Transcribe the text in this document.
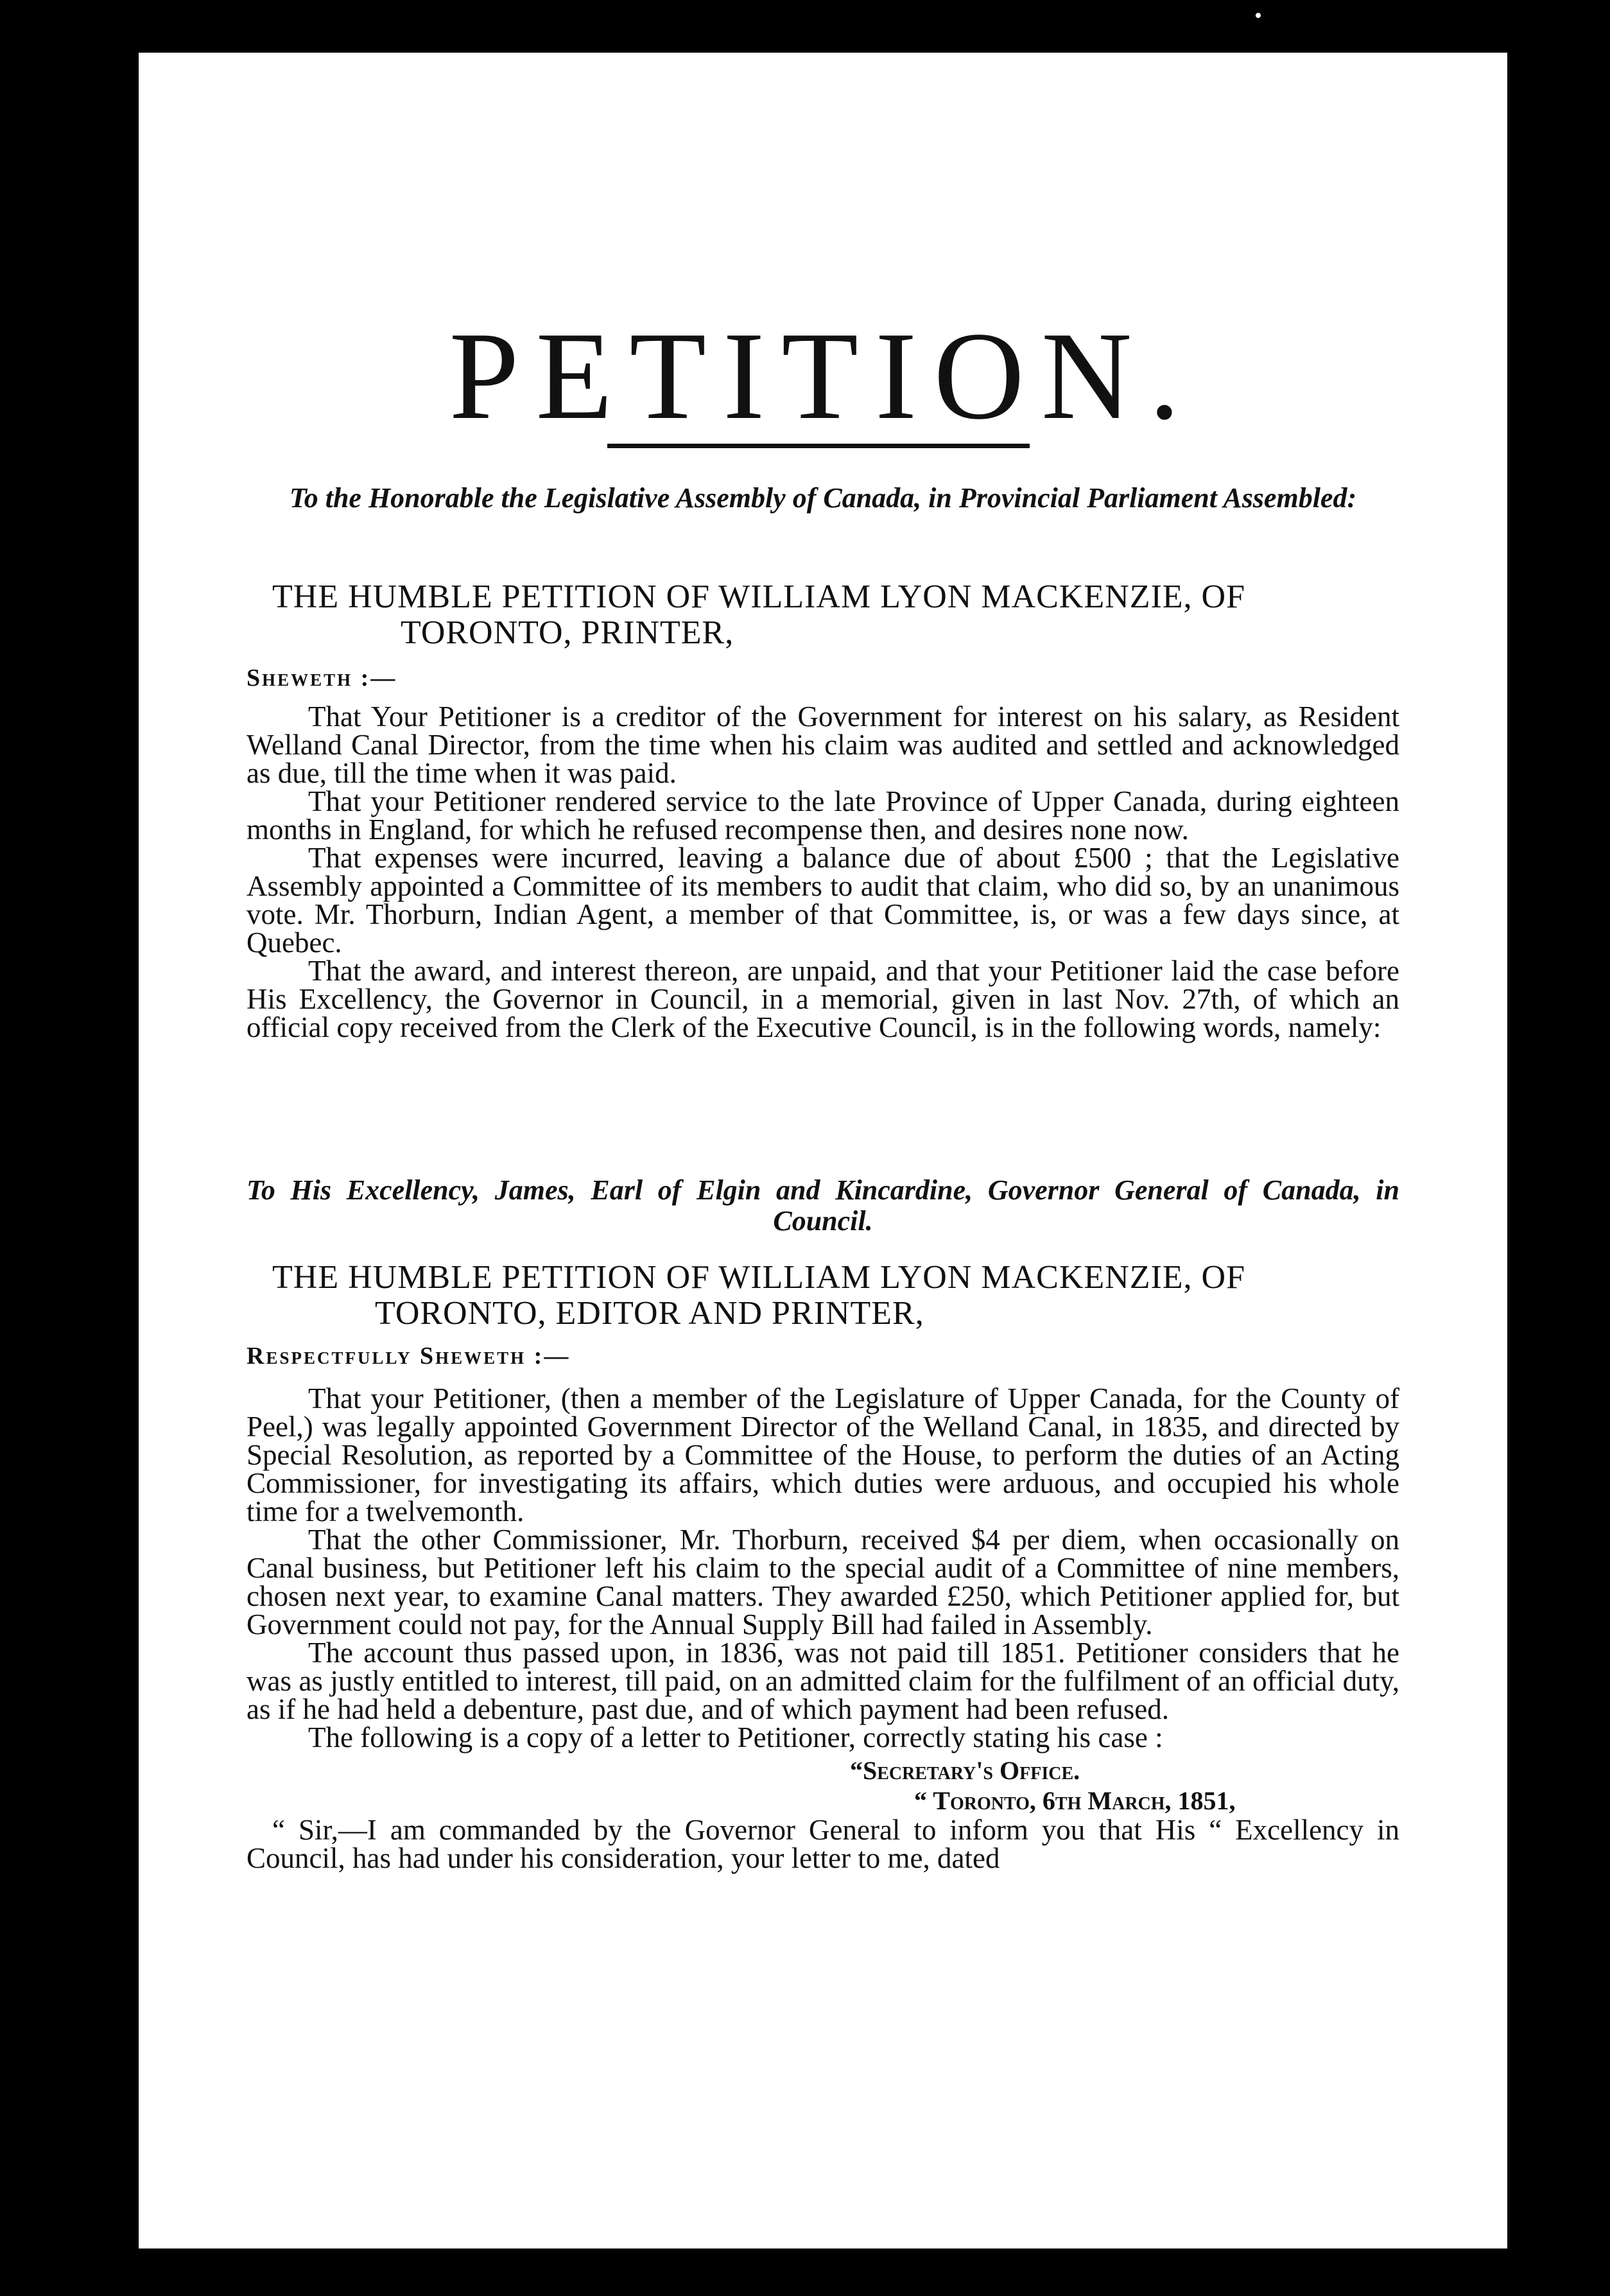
PETITION.

To the Honorable the Legislative Assembly of Canada, in Provincial Parliament Assembled:

THE HUMBLE PETITION OF WILLIAM LYON MACKENZIE, OF
TORONTO, PRINTER,

Sheweth :—

That Your Petitioner is a creditor of the Government for interest on his salary, as Resident Welland Canal Director, from the time when his claim was audited and settled and acknowledged as due, till the time when it was paid.

That your Petitioner rendered service to the late Province of Upper Canada, during eighteen months in England, for which he refused recompense then, and desires none now.

That expenses were incurred, leaving a balance due of about £500 ; that the Legislative Assembly appointed a Committee of its members to audit that claim, who did so, by an unanimous vote. Mr. Thorburn, Indian Agent, a member of that Committee, is, or was a few days since, at Quebec.

That the award, and interest thereon, are unpaid, and that your Petitioner laid the case before His Excellency, the Governor in Council, in a memorial, given in last Nov. 27th, of which an official copy received from the Clerk of the Executive Council, is in the following words, namely:

To His Excellency, James, Earl of Elgin and Kincardine, Governor General of Canada, in Council.

THE HUMBLE PETITION OF WILLIAM LYON MACKENZIE, OF
TORONTO, EDITOR AND PRINTER,

Respectfully Sheweth :—

That your Petitioner, (then a member of the Legislature of Upper Canada, for the County of Peel,) was legally appointed Government Director of the Welland Canal, in 1835, and directed by Special Resolution, as reported by a Committee of the House, to perform the duties of an Acting Commissioner, for investigating its affairs, which duties were arduous, and occupied his whole time for a twelvemonth.

That the other Commissioner, Mr. Thorburn, received $4 per diem, when occasionally on Canal business, but Petitioner left his claim to the special audit of a Committee of nine members, chosen next year, to examine Canal matters. They awarded £250, which Petitioner applied for, but Government could not pay, for the Annual Supply Bill had failed in Assembly.

The account thus passed upon, in 1836, was not paid till 1851. Petitioner considers that he was as justly entitled to interest, till paid, on an admitted claim for the fulfilment of an official duty, as if he had held a debenture, past due, and of which payment had been refused.

The following is a copy of a letter to Petitioner, correctly stating his case :

“Secretary's Office.

“ Toronto, 6th March, 1851,

“ Sir,—I am commanded by the Governor General to inform you that His “ Excellency in Council, has had under his consideration, your letter to me, dated
